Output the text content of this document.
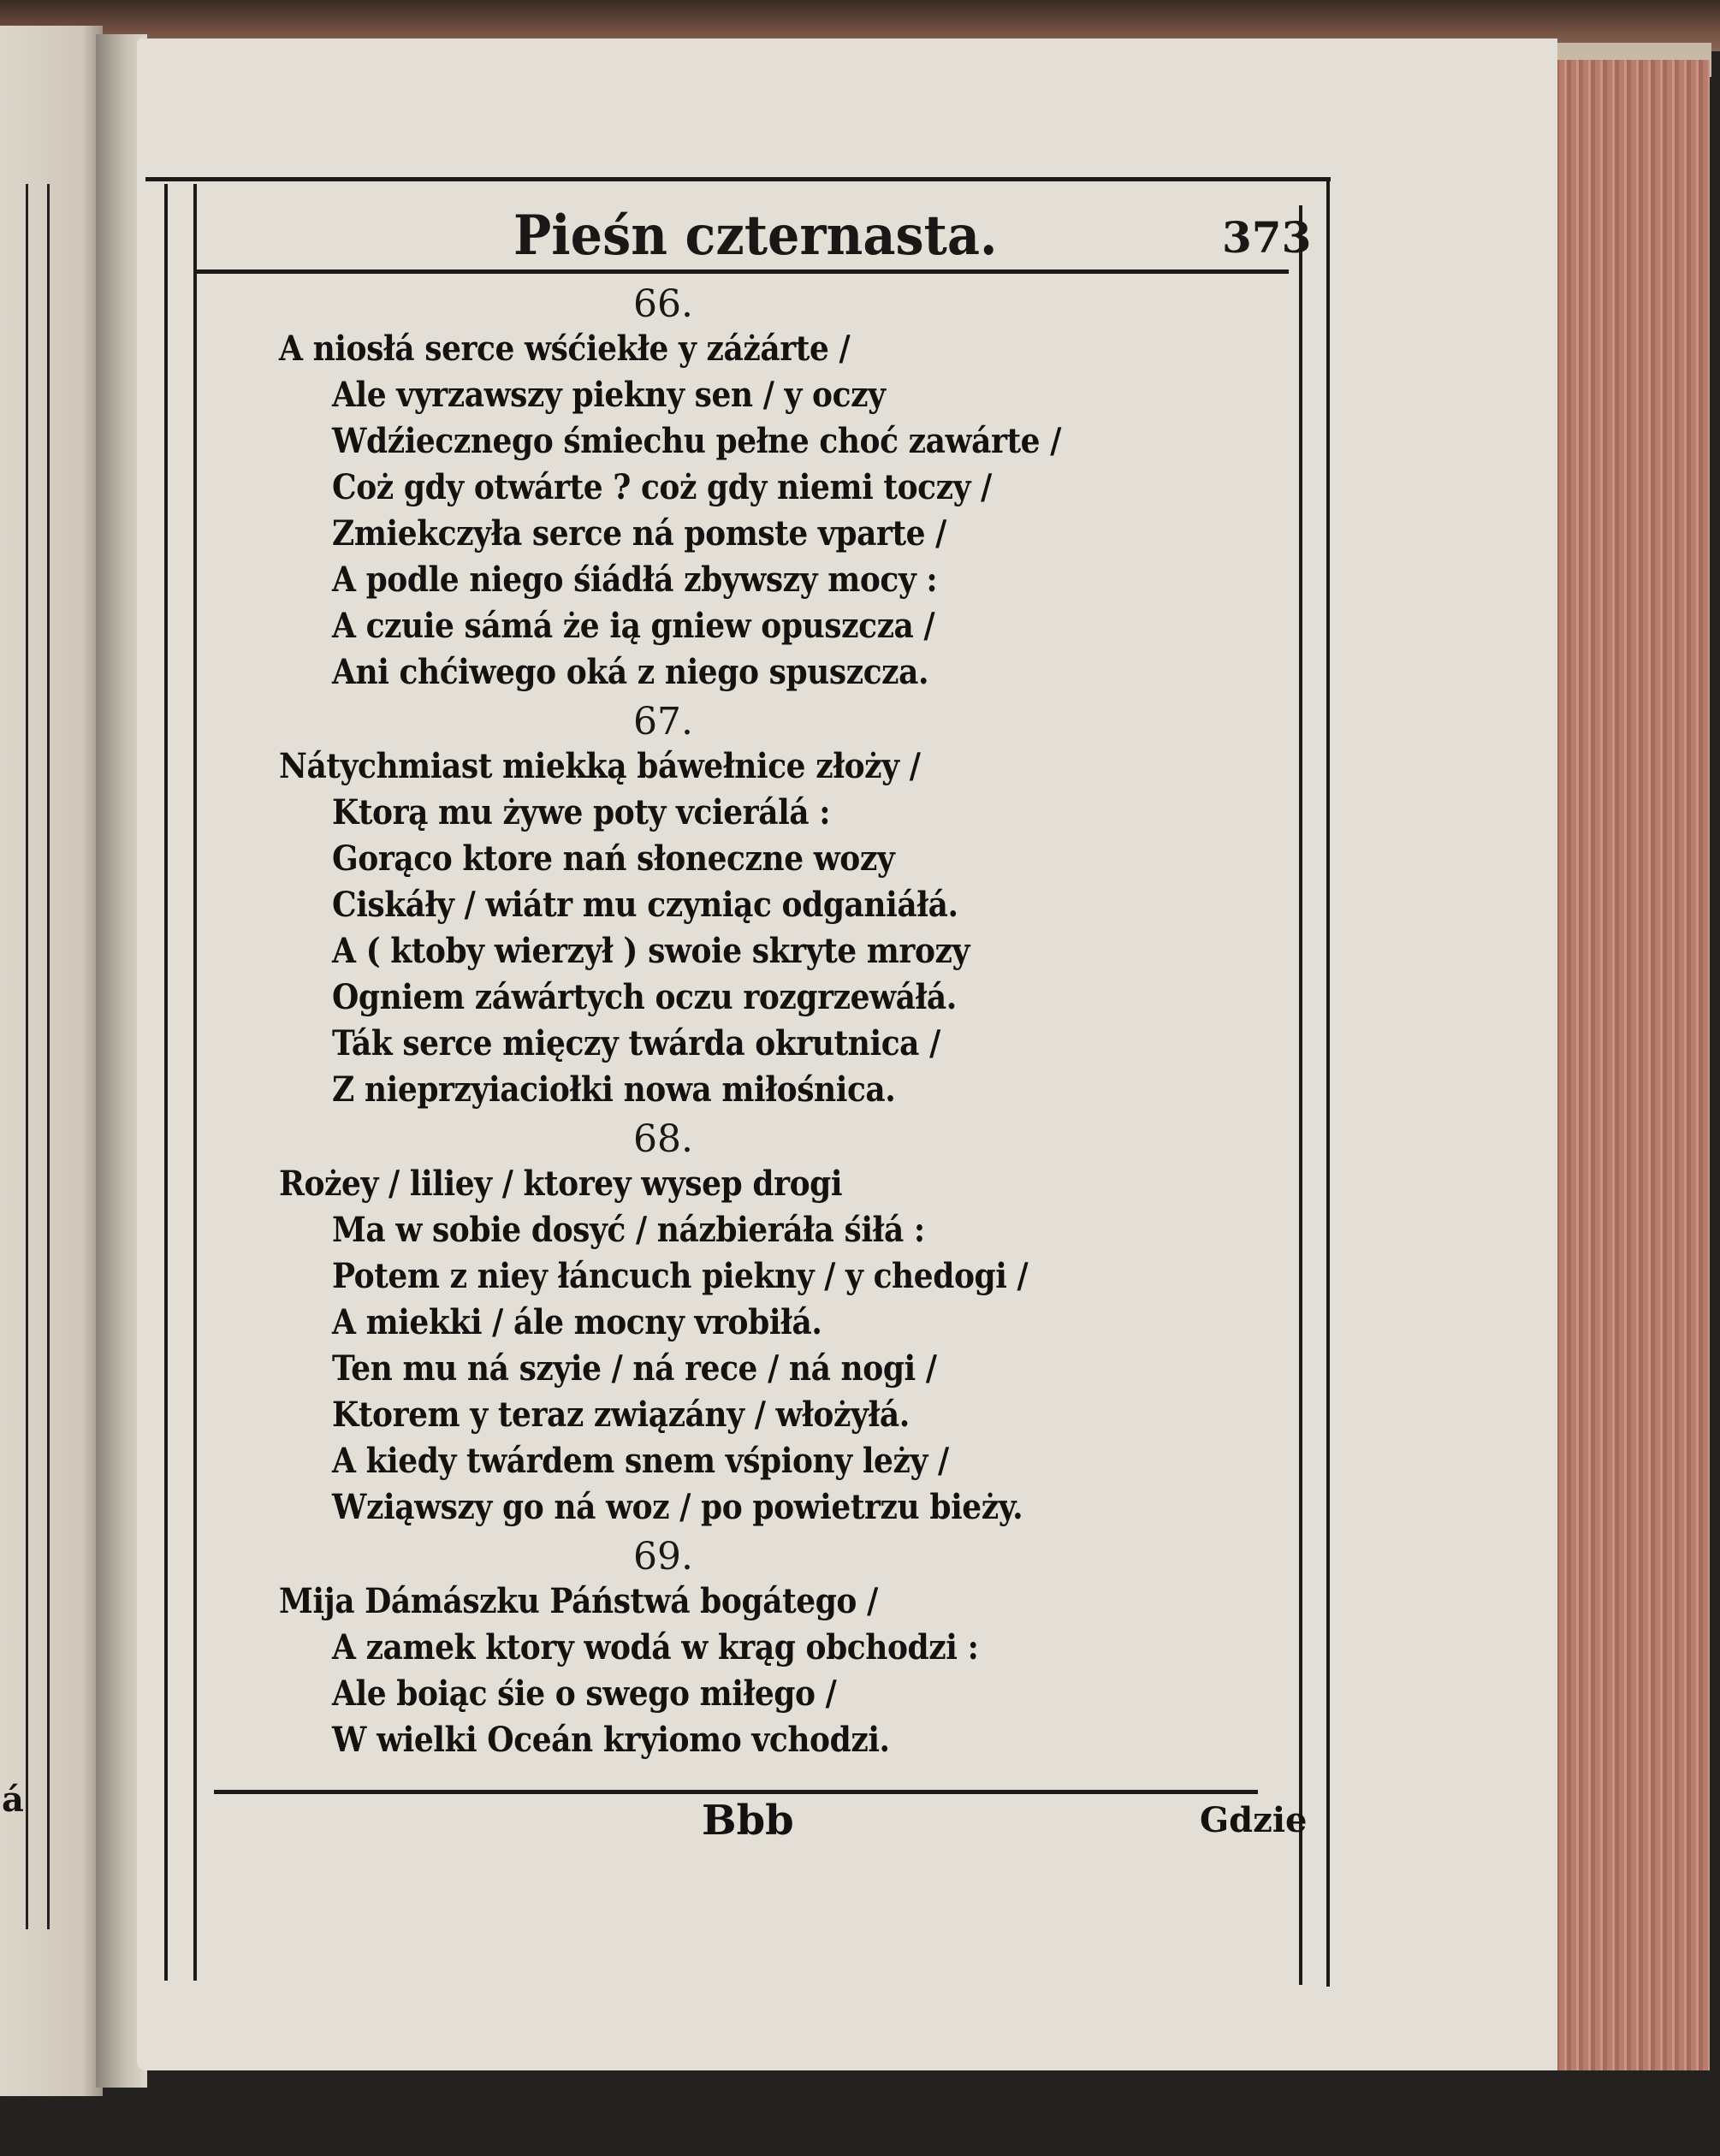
á
Pieśn czternasta.	373
66.
A niosłá serce wśćiekłe y záżárte /
Ale vyrzawszy piekny sen / y oczy
Wdźiecznego śmiechu pełne choć zawárte /
Coż gdy otwárte ? coż gdy niemi toczy /
Zmiekczyła serce ná pomste vparte /
A podle niego śiádłá zbywszy mocy :
A czuie sámá że ią gniew opuszcza /
Ani chćiwego oká z niego spuszcza.
67.
Nátychmiast miekką báwełnice złoży /
Ktorą mu żywe poty vcierálá :
Gorąco ktore nań słoneczne wozy
Ciskáły / wiátr mu czyniąc odganiáłá.
A ( ktoby wierzył ) swoie skryte mrozy
Ogniem záwártych oczu rozgrzewáłá.
Ták serce mięczy twárda okrutnica /
Z nieprzyiaciołki nowa miłośnica.
68.
Rożey / liliey / ktorey wysep drogi
Ma w sobie dosyć / názbieráła śiłá :
Potem z niey łáncuch piekny / y chedogi /
A miekki / ále mocny vrobiłá.
Ten mu ná szyie / ná rece / ná nogi /
Ktorem y teraz związány / włożyłá.
A kiedy twárdem snem vśpiony leży /
Wziąwszy go ná woz / po powietrzu bieży.
69.
Mija Dámászku Páństwá bogátego /
A zamek ktory wodá w krąg obchodzi :
Ale boiąc śie o swego miłego /
W wielki Oceán kryiomo vchodzi.
Bbb	Gdzie
